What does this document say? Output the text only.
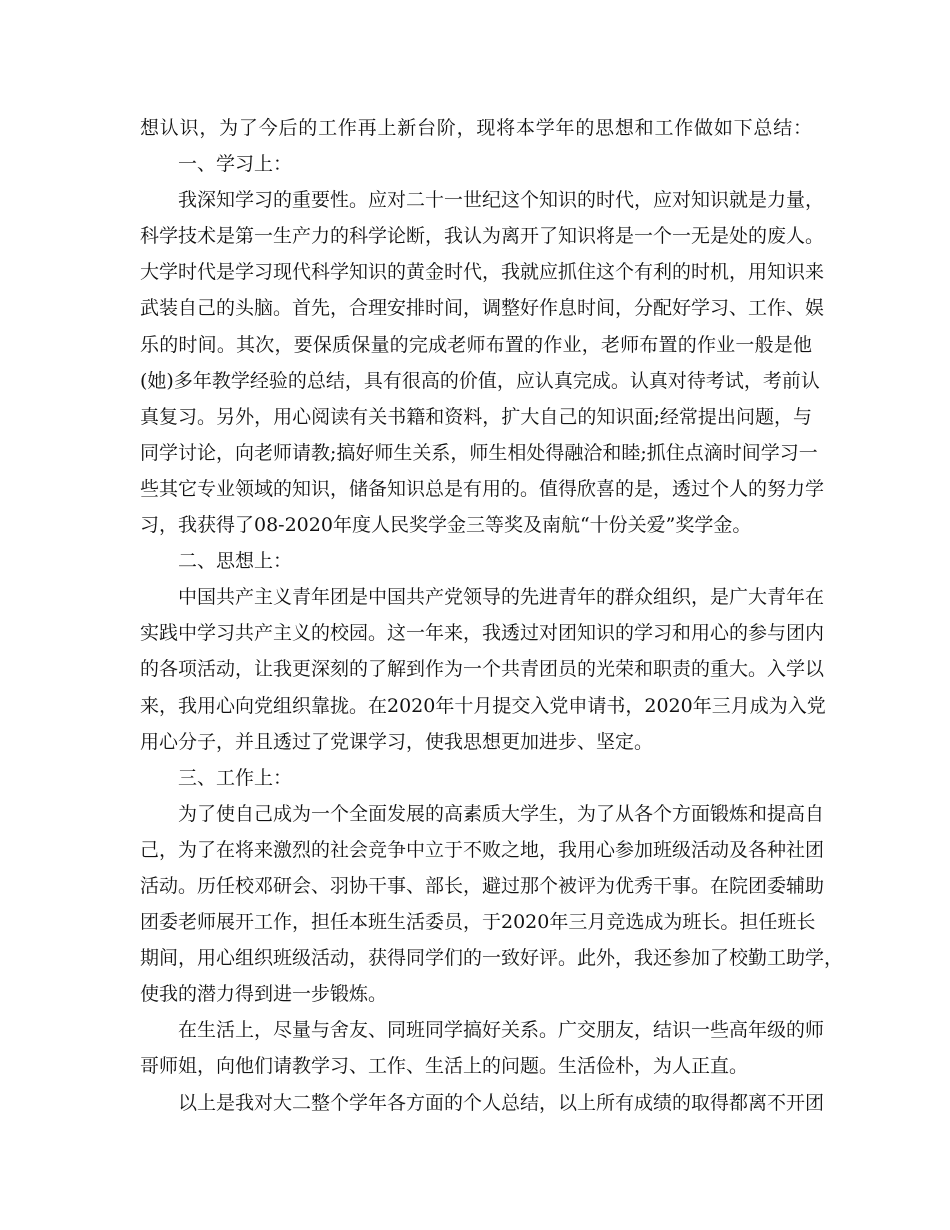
想认识，为了今后的工作再上新台阶，现将本学年的思想和工作做如下总结：
一、学习上：
我深知学习的重要性。应对二十一世纪这个知识的时代，应对知识就是力量，
科学技术是第一生产力的科学论断，我认为离开了知识将是一个一无是处的废人。
大学时代是学习现代科学知识的黄金时代，我就应抓住这个有利的时机，用知识来
武装自己的头脑。首先，合理安排时间，调整好作息时间，分配好学习、工作、娱
乐的时间。其次，要保质保量的完成老师布置的作业，老师布置的作业一般是他
(她)多年教学经验的总结，具有很高的价值，应认真完成。认真对待考试，考前认
真复习。另外，用心阅读有关书籍和资料，扩大自己的知识面;经常提出问题，与
同学讨论，向老师请教;搞好师生关系，师生相处得融洽和睦;抓住点滴时间学习一
些其它专业领域的知识，储备知识总是有用的。值得欣喜的是，透过个人的努力学
习，我获得了08-2020年度人民奖学金三等奖及南航“十份关爱”奖学金。
二、思想上：
中国共产主义青年团是中国共产党领导的先进青年的群众组织，是广大青年在
实践中学习共产主义的校园。这一年来，我透过对团知识的学习和用心的参与团内
的各项活动，让我更深刻的了解到作为一个共青团员的光荣和职责的重大。入学以
来，我用心向党组织靠拢。在2020年十月提交入党申请书，2020年三月成为入党
用心分子，并且透过了党课学习，使我思想更加进步、坚定。
三、工作上：
为了使自己成为一个全面发展的高素质大学生，为了从各个方面锻炼和提高自
己，为了在将来激烈的社会竞争中立于不败之地，我用心参加班级活动及各种社团
活动。历任校邓研会、羽协干事、部长，避过那个被评为优秀干事。在院团委辅助
团委老师展开工作，担任本班生活委员，于2020年三月竞选成为班长。担任班长
期间，用心组织班级活动，获得同学们的一致好评。此外，我还参加了校勤工助学，
使我的潜力得到进一步锻炼。
在生活上，尽量与舍友、同班同学搞好关系。广交朋友，结识一些高年级的师
哥师姐，向他们请教学习、工作、生活上的问题。生活俭朴，为人正直。
以上是我对大二整个学年各方面的个人总结，以上所有成绩的取得都离不开团
